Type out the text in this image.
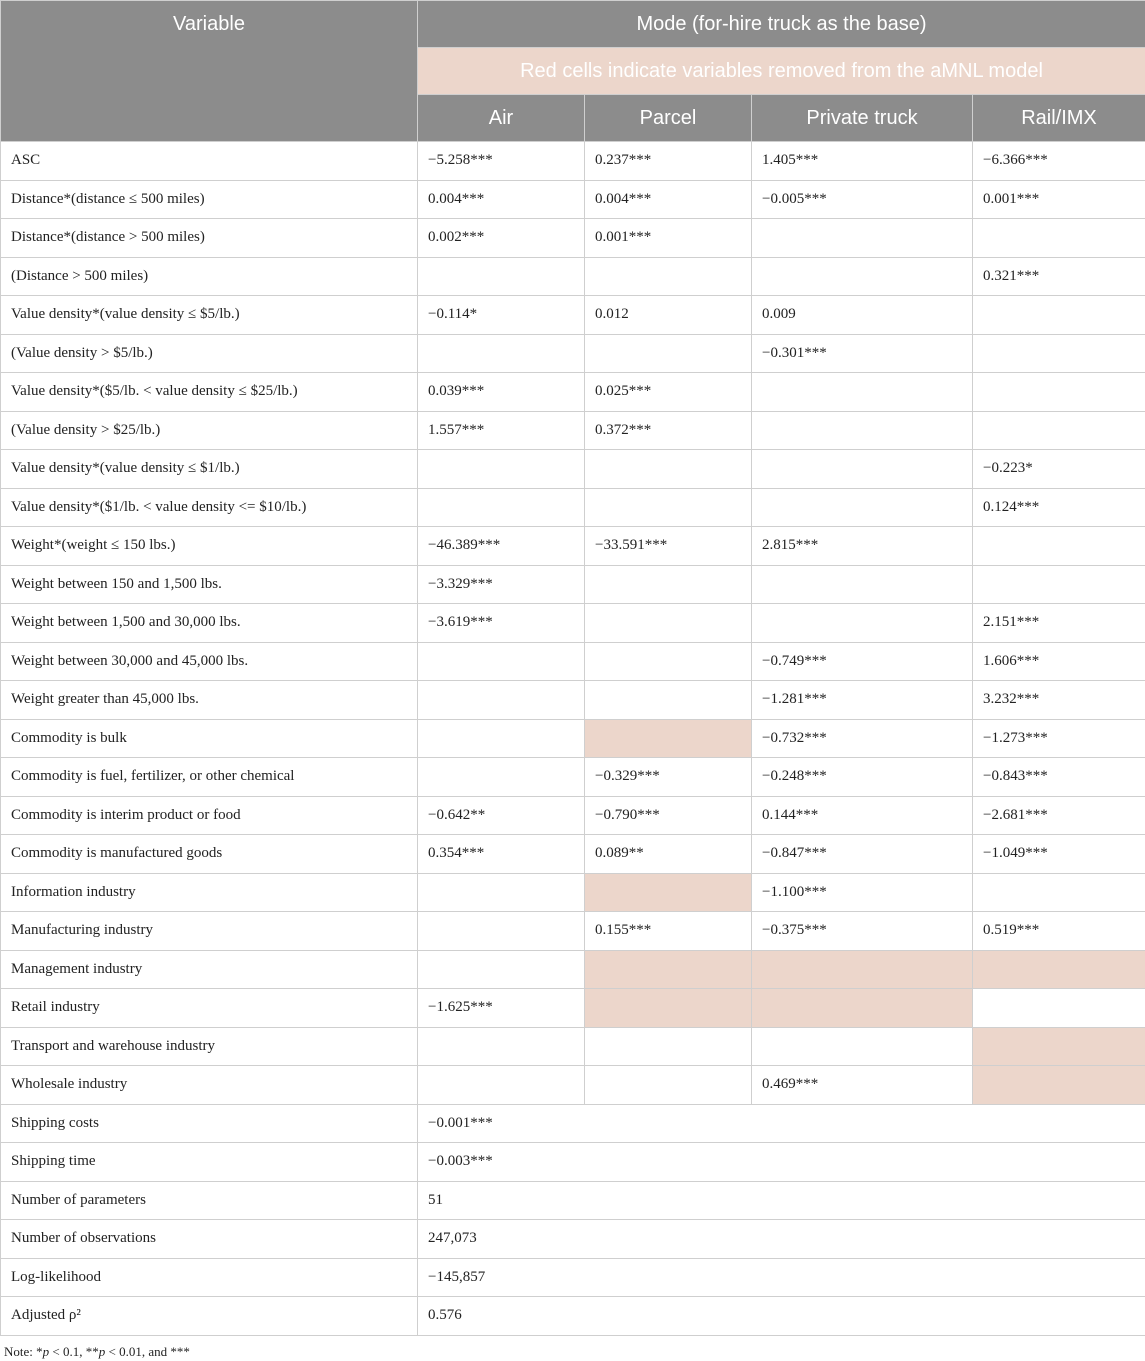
Variable	Mode (for-hire truck as the base)			
	Red cells indicate variables removed from the aMNL model			
	Air	Parcel	Private truck	Rail/IMX
ASC	−5.258***	0.237***	1.405***	−6.366***
Distance*(distance ≤ 500 miles)	0.004***	0.004***	−0.005***	0.001***
Distance*(distance > 500 miles)	0.002***	0.001***		
(Distance > 500 miles)				0.321***
Value density*(value density ≤ $5/lb.)	−0.114*	0.012	0.009	
(Value density > $5/lb.)			−0.301***	
Value density*($5/lb. < value density ≤ $25/lb.)	0.039***	0.025***		
(Value density > $25/lb.)	1.557***	0.372***		
Value density*(value density ≤ $1/lb.)				−0.223*
Value density*($1/lb. < value density <= $10/lb.)				0.124***
Weight*(weight ≤ 150 lbs.)	−46.389***	−33.591***	2.815***	
Weight between 150 and 1,500 lbs.	−3.329***			
Weight between 1,500 and 30,000 lbs.	−3.619***			2.151***
Weight between 30,000 and 45,000 lbs.			−0.749***	1.606***
Weight greater than 45,000 lbs.			−1.281***	3.232***
Commodity is bulk			−0.732***	−1.273***
Commodity is fuel, fertilizer, or other chemical		−0.329***	−0.248***	−0.843***
Commodity is interim product or food	−0.642**	−0.790***	0.144***	−2.681***
Commodity is manufactured goods	0.354***	0.089**	−0.847***	−1.049***
Information industry			−1.100***	
Manufacturing industry		0.155***	−0.375***	0.519***
Management industry				
Retail industry	−1.625***			
Transport and warehouse industry				
Wholesale industry			0.469***	
Shipping costs	−0.001***			
Shipping time	−0.003***			
Number of parameters	51			
Number of observations	247,073			
Log-likelihood	−145,857			
Adjusted ρ²	0.576			
Note: *p < 0.1, **p < 0.01, and ***
